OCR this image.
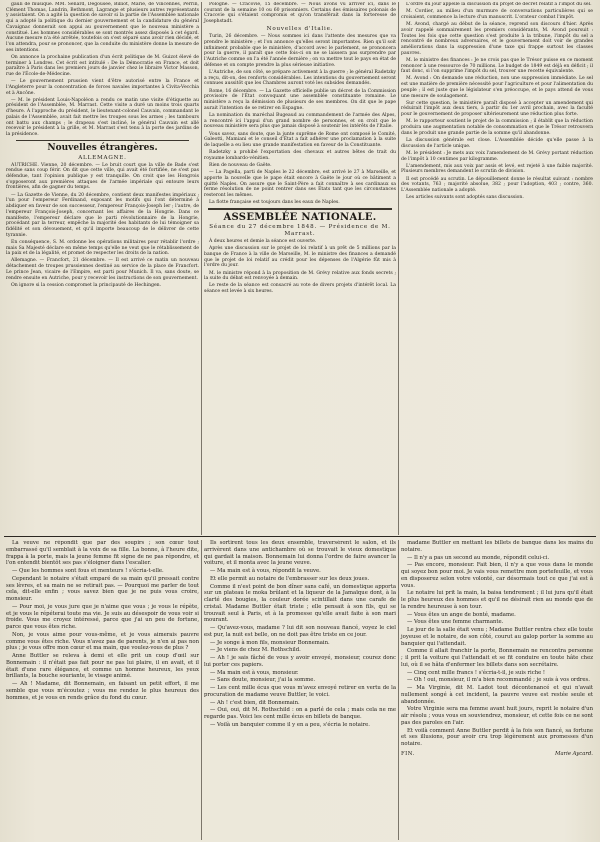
gauli de musique. MM. Senard, Degousée, Billiot, Marie, de Vincennes, Perrin, Clément Thomas, Landrin, Bethmont, Lagrange et plusieurs autres représentants y assistaient. On a agité la question de savoir si la partie de l'Assemblée nationale qui a adopté la politique du dernier gouvernement et la candidature du général Cavaignac donnerait son appui au gouvernement que le nouveau ministère a constitué. Les hommes considérables se sont montrés assez disposés à cet égard. Aucune mesure n'a été arrêtée, toutefois on s'est séparé sans avoir rien décidé, et l'on attendra, pour se prononcer, que la conduite du ministère donne la mesure de ses intentions.

On annonce la prochaine publication d'un écrit politique de M. Guizot élevé de terminer à Londres. Cet écrit est intitulé : De la Démocratie en France, et doit paraître à Paris dans les premiers jours de janvier chez le libraire Victor Masson, rue de l'École-de-Médecine.

— Le gouvernement prussien vient d'être autorisé entre la France et l'Angleterre pour la concentration de forces navales importantes à Civita-Vecchia et à Ancône.

— M. le président Louis-Napoléon a rendu ce matin une visite d'étiquette au président de l'Assemblée, M. Marrast. Cette visite a duré un moins trois quarts d'heure. À l'approche du président, le lieutenant-colonel Cauvain, commandant le palais de l'Assemblée, avait fait mettre les troupes sous les armes ; les tambours ont battu aux champs ; le drapeau s'est incliné, le général Cauvain est allé recevoir le président à la grille, et M. Marrast s'est tenu à la porte des jardins de la présidence.

Nouvelles étrangères.
ALLEMAGNE.

AUTRICHE. Vienne, 20 décembre. — Le bruit court que la ville de Bade s'est rendue sans coup férir. On dit que cette ville, qui avait été fortifiée, ne s'est pas défendue, tant l'opinion publique y est tranquille. On croit que les Hongrois s'opposeront aux premières attaques de l'armée impériale qui entoure leurs frontières, afin de gagner du temps.

— La Gazette de Vienne, du 20 décembre, contient deux manifestes impériaux ; l'un pour l'empereur Ferdinand, exposant les motifs qui l'ont déterminé à abdiquer en faveur de son successeur, l'empereur François-Joseph Ier ; l'autre, de l'empereur François-Joseph, concernant les affaires de la Hongrie. Dans ce manifeste, l'empereur déclare que le parti révolutionnaire de la Hongrie, procédant par la terreur, empêche la majorité des habitants de lui témoigner sa fidélité et son dévouement, et qu'il importe beaucoup de le délivrer de cette tyrannie.

En conséquence, S. M. ordonne les opérations militaires pour rétablir l'ordre ; mais Sa Majesté déclare en même temps qu'elle ne veut que le rétablissement de la paix et de la légalité, et promet de respecter les droits de la nation.

Allemagne. — Francfort, 21 décembre. — Il est arrivé ce matin un nouveau détachement de troupes prussiennes destiné au service de la place de Francfort. Le prince Jean, vicaire de l'Empire, est parti pour Munich. Il va, sans doute, se rendre ensuite en Autriche, pour y recevoir les instructions de son gouvernement.

On ignore si la cession compromet la principauté de Hechingen.

Pologne. — Cracovie, 15 décembre. — Nous avons vu arriver ici, dans le courant de la semaine 10 ou 60 prisonniers. Certains des émissaires polonais de Cracovie qui s'étaient compromis et qu'on transférait dans la forteresse de Josephstadt.

Nouvelles d'Italie.

Turin, 26 décembre. — Nous sommes ici dans l'attente des mesures que va prendre le ministère ; et l'on annonce qu'elles seront importantes. Rien qu'il soit infiniment probable que le ministère, d'accord avec le parlement, se prononcera pour la guerre, il paraît que cette fois-ci on ne se laissera pas surprendre par l'Autriche comme on l'a été l'année dernière ; on va mettre tout le pays en état de défense et on compte prendre la plus sérieuse initiative.

L'Autriche, de son côté, se prépare activement à la guerre ; le général Radetzky a reçu, dit-on, des renforts considérables. Les intentions du gouvernement seront connues aussitôt que les Chambres auront voté les subsides demandés.

Rome, 16 décembre. — La Gazette officielle publie un décret de la Commission provisoire de l'État convoquant une assemblée constituante romaine. Le ministère a reçu la démission de plusieurs de ses membres. On dit que le pape aurait l'intention de se retirer en Espagne.

La nomination du maréchal Bugeaud au commandement de l'armée des Alpes, a rencontré ici l'appui d'un grand nombre de personnes, et on croit que le nouveau ministère sera plus que jamais disposé à soutenir les intérêts de l'Italie.

Vous savez, sans doute, que la junte suprême de Rome ont composé le Comité, Galeotti, Mamiani et le conseil d'État a fait adhérer une proclamation à la suite de laquelle a eu lieu une grande manifestation en faveur de la Constituante.

Radetzky a prohibé l'exportation des chevaux et autres bêtes de trait du royaume lombardo-vénitien.

Rien de nouveau de Gaëte.

— La Pagella, parti de Naples le 22 décembre, est arrivé le 27 à Marseille, et apporte la nouvelle que le pape était encore à Gaëte le jour où ce bâtiment a quitté Naples. On assure que le Saint-Père a fait connaître à ses cardinaux sa ferme résolution de ne point rentrer dans ses États tant que les circonstances resteront les mêmes.

La flotte française est toujours dans les eaux de Naples.

ASSEMBLÉE NATIONALE.
Séance du 27 décembre 1848. — Présidence de M. Marrast.

À deux heures et demie la séance est ouverte.

Après une discussion sur le projet de loi relatif à un prêt de 5 millions par la banque de France à la ville de Marseille, M. le ministre des finances a demandé que le projet de loi relatif au crédit pour les dépenses de l'Algérie fût mis à l'ordre du jour.

M. le ministre répond à la proposition de M. Grévy relative aux fonds secrets ; la suite du débat est renvoyée à demain.

Le reste de la séance est consacré au vote de divers projets d'intérêt local. La séance est levée à six heures.

L'ordre du jour appelle la discussion du projet de décret relatif à l'impôt du sel.

M. Cordier, au milieu d'un murmure de conversations particulières qui se croisaient, commence la lecture d'un manuscrit. L'orateur combat l'impôt.

M. Avond, chargé au début de la séance, reprend son discours d'hier. Après avoir rappelé sommairement les premiers considérants, M. Avond poursuit : Toutes les fois que cette question s'est produite à la tribune, l'impôt du sel a rencontré de nombreux adversaires, et le gouvernement doit voir de grandes améliorations dans la suppression d'une taxe qui frappe surtout les classes pauvres.

M. le ministre des finances : Je ne crois pas que le Trésor puisse en ce moment renoncer à une ressource de 70 millions. Le budget de 1849 est déjà en déficit ; il faut donc, si l'on supprime l'impôt du sel, trouver une recette équivalente.

M. Avond : On demande une réduction, non une suppression immédiate. Le sel est une matière de première nécessité pour l'agriculture et pour l'alimentation du peuple ; il est juste que le législateur s'en préoccupe, et le pays attend de vous une mesure de soulagement.

Sur cette question, le ministère paraît disposé à accepter un amendement qui réduirait l'impôt aux deux tiers, à partir du 1er avril prochain, avec la faculté pour le gouvernement de proposer ultérieurement une réduction plus forte.

M. le rapporteur soutient le projet de la commission ; il établit que la réduction produira une augmentation notable de consommation et que le Trésor retrouvera dans le produit une grande partie de la somme qu'il abandonne.

La discussion générale est close. L'Assemblée décide qu'elle passe à la discussion de l'article unique.

M. le président : Je mets aux voix l'amendement de M. Grévy portant réduction de l'impôt à 10 centimes par kilogramme.

L'amendement, mis aux voix par assis et levé, est rejeté à une faible majorité. Plusieurs membres demandent le scrutin de division.

Il est procédé au scrutin. Le dépouillement donne le résultat suivant : nombre des votants, 763 ; majorité absolue, 382 ; pour l'adoption, 403 ; contre, 360. L'Assemblée nationale a adopté.

Les articles suivants sont adoptés sans discussion.

La veuve ne répondit que par des soupirs ; son cœur tout embarrassé qu'il semblait à la voix de sa fille. La bonne, à l'heure dite, frappa à la porte, mais la jeune femme fit signe de ne pas répondre, et l'on entendit bientôt ses pas s'éloigner dans l'escalier.

— Que les hommes sont fous et menteurs ! s'écria-t-elle.

Cependant le notaire s'était emparé de sa main qu'il pressait contre ses lèvres, et sa main ne se retirait pas. — Pourquoi me parler de tout cela, dit-elle enfin ; vous savez bien que je ne puis vous croire, monsieur.

— Pour moi, je vous jure que je n'aime que vous ; je vous le répète, et je vous le répéterai toute ma vie. Je suis au désespoir de vous voir si froide. Vous me croyez intéressé, parce que j'ai un peu de fortune, parce que vous êtes riche.

Non, je vous aime pour vous-même, et je vous aimerais pauvre comme vous êtes riche. Vous n'avez pas de parents, je n'en ai pas non plus ; je vous offre mon cœur et ma main, que voulez-vous de plus ?

Anne Buttler se releva à demi et elle prit un coup d'œil sur Bonnemain : il n'était pas fait pour ne pas lui plaire, il en avait, et il était d'une rare élégance, et comme un homme heureux, les yeux brillants, la bouche souriante, le visage animé.

— Ah ! Madame, dit Bonnemain, en faisant un petit effort, il me semble que vous m'écoutez ; vous me rendez le plus heureux des hommes, et je vous en rends grâce du fond du cœur.

Ils sortirent tous les deux ensemble, traversèrent le salon, et ils arrivèrent dans une antichambre où se trouvait le vieux domestique qui gardait la maison. Bonnemain lui donna l'ordre de faire avancer la voiture, et il monta avec la jeune veuve.

— Ma main est à vous, répondit la veuve.

Et elle permit au notaire de l'embrasser sur les deux joues.

Comme il n'est point de bon dîner sans café, un domestique apporta sur un plateau le moka brûlant et la liqueur de la Jamaïque dont, à la clarté des bougies, la couleur dorée scintillait dans une carafe de cristal. Madame Buttler était triste ; elle pensait à son fils, qui se trouvait seul à Paris, et à la promesse qu'elle avait faite à son mari mourant.

— Qu'avez-vous, madame ? lui dit son nouveau fiancé, voyez le ciel est pur, la nuit est belle, on ne doit pas être triste en ce jour.

— Je songe à mon fils, monsieur Bonnemain.

— Je viens de chez M. Rothschild.

— Ah ! je sais fâché de vous y avoir envoyé, monsieur, courez donc lui porter ces papiers.

— Ma main est à vous, monsieur.

— Sans doute, monsieur, j'ai la somme.

— Les cent mille écus que vous m'avez envoyé retirer en vertu de la procuration de madame veuve Buttler, le voici.

— Ah ! c'est bien, dit Bonnemain.

— Oui, oui, dit M. Rothschild : on a parlé de cela ; mais cela ne me regarde pas. Voici les cent mille écus en billets de banque.

— Voilà un banquier comme il y en a peu, s'écria le notaire.

madame Buttler en mettant les billets de banque dans les mains du notaire.

— Il n'y a pas un second au monde, répondit celui-ci.

— Pas encore, monsieur. Fait bien, il n'y a que vous dans le monde qui soyez bon pour moi. Je vais vous remettre mon portefeuille, et vous en disposerez selon votre volonté, car désormais tout ce que j'ai est à vous.

Le notaire lui prit la main, la baisa tendrement ; il lui jura qu'il était le plus heureux des hommes et qu'il ne désirait rien au monde que de la rendre heureuse à son tour.

— Vous êtes un ange de bonté, madame.

— Vous êtes une femme charmante.

Le jour de la salle était venu ; Madame Buttler rentra chez elle toute joyeuse et le notaire, de son côté, courut au galop porter la somme au banquier qui l'attendait.

Comme il allait franchir la porte, Bonnemain ne rencontra personne ; il prit la voiture qui l'attendait et se fit conduire en toute hâte chez lui, où il se hâta d'enfermer les billets dans son secrétaire.

— Cinq cent mille francs ! s'écria-t-il, je suis riche !

— Oh ! oui, monsieur, il m'a bien recommandé ; je suis à vos ordres.

— Ma Virginie, dit M. Ladot tout décontenancé et qui n'avait nullement songé à cet incident, la pauvre veuve est restée seule et abandonnée.

Votre Virginie sera ma femme avant huit jours, reprit le notaire d'un air résolu ; vous vous en souviendrez, monsieur, et cette fois ce ne sont pas des paroles en l'air.

Et voilà comment Anne Buttler perdit à la fois son fiancé, sa fortune et ses illusions, pour avoir cru trop légèrement aux promesses d'un notaire.

FIN.	Marie Aycard.
